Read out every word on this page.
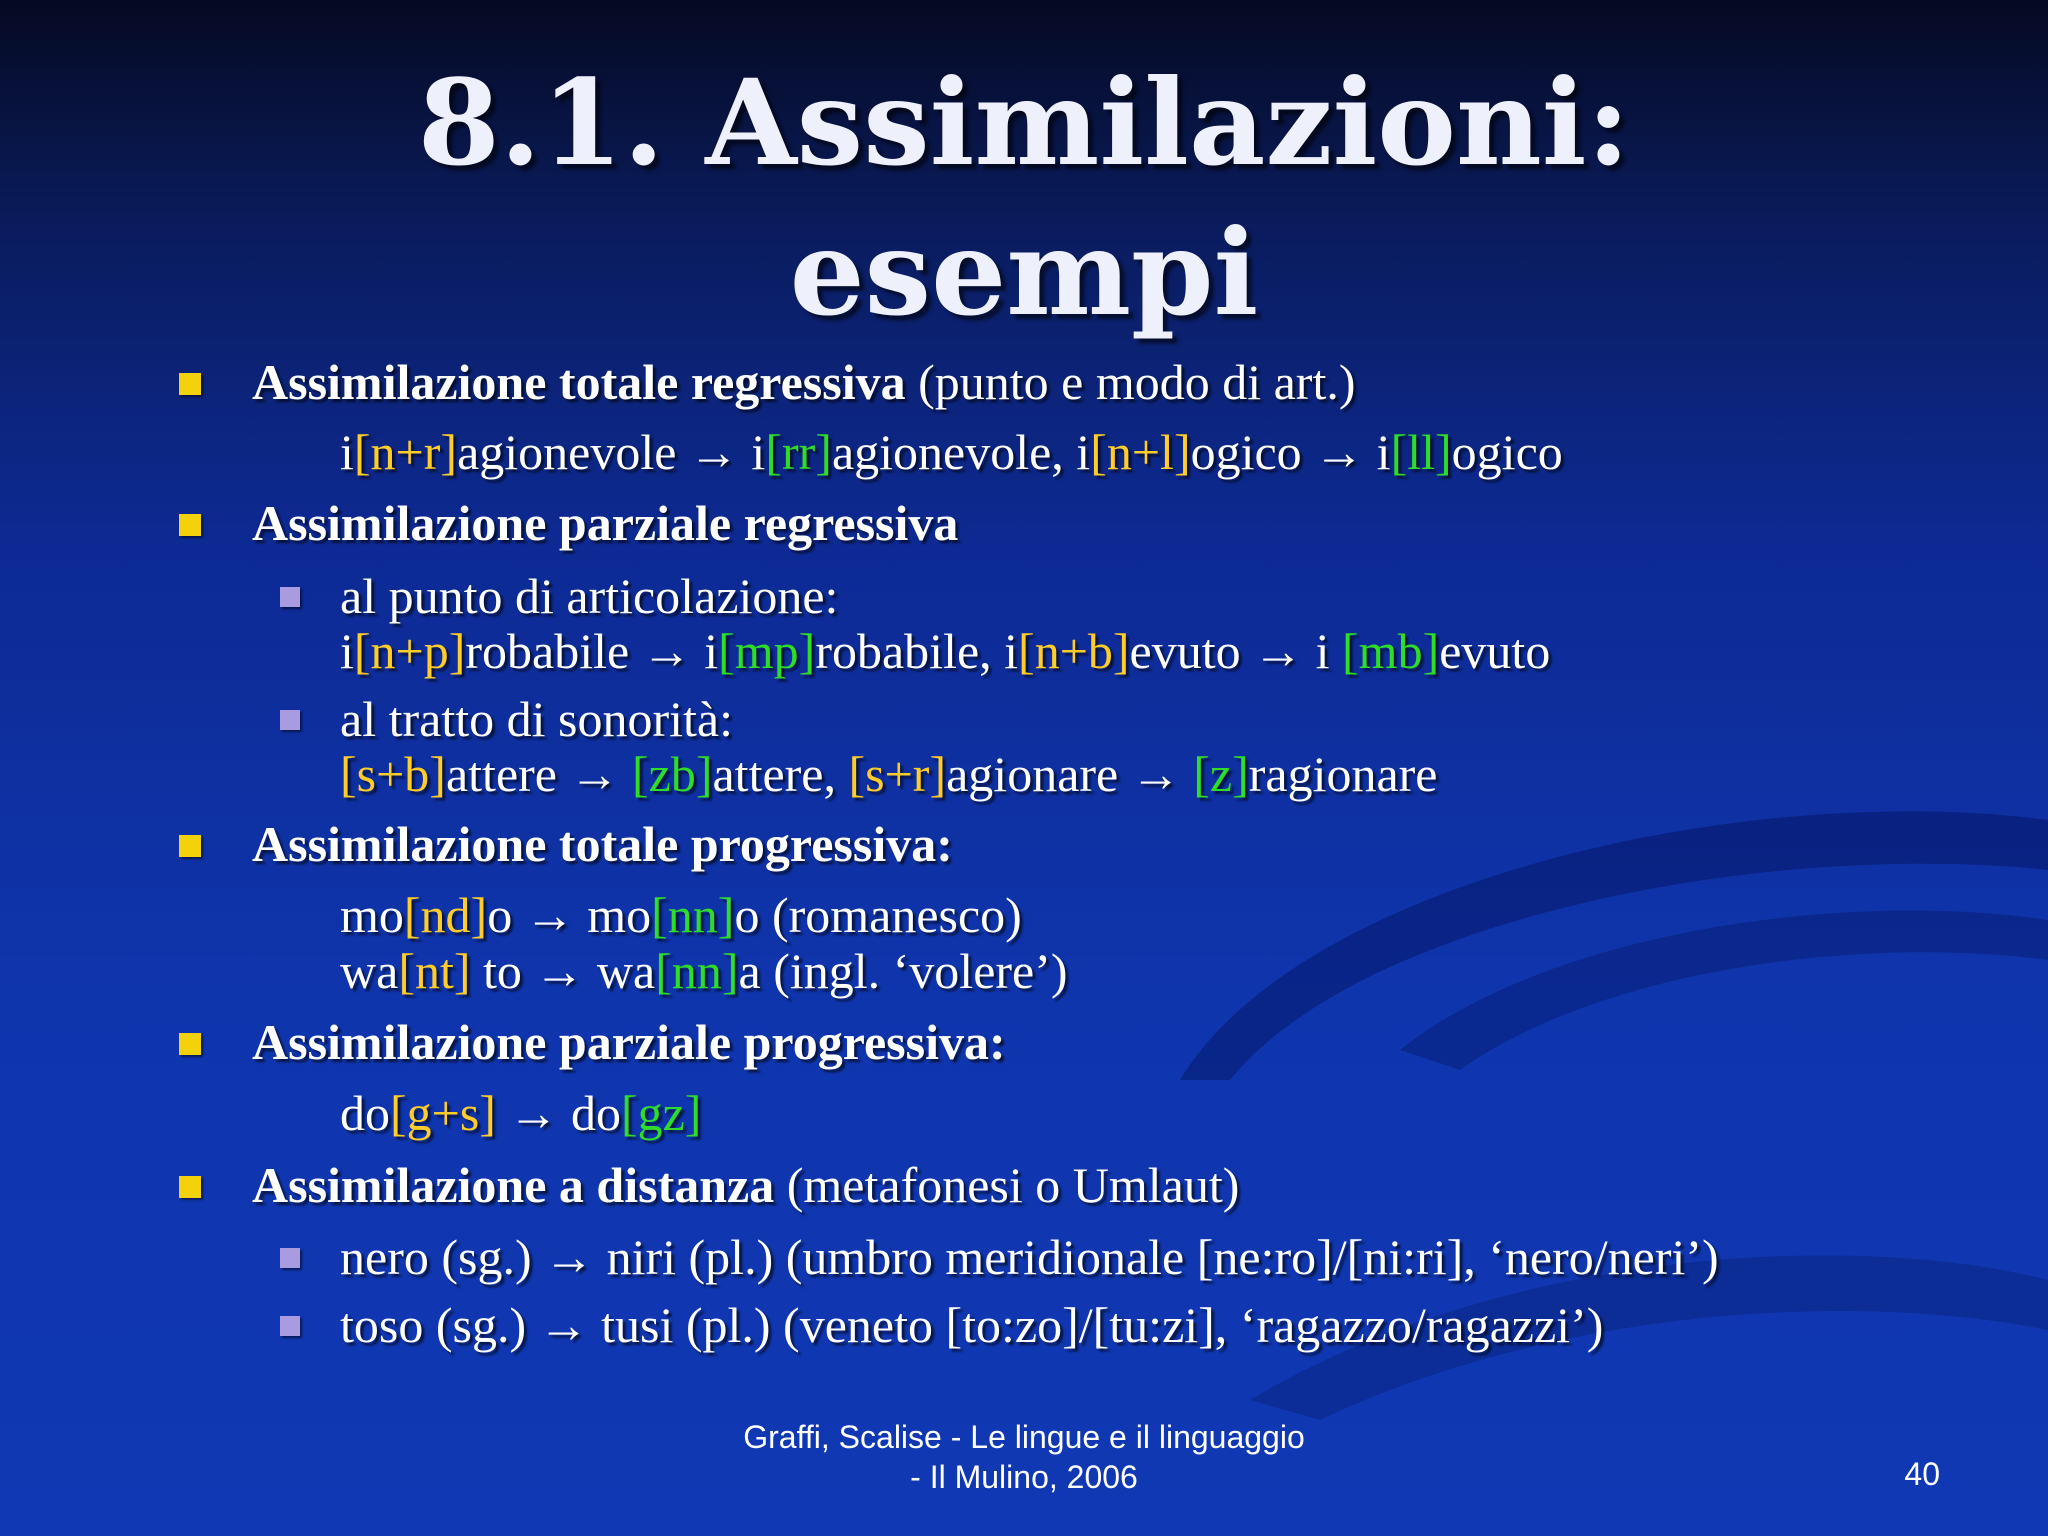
8.1. Assimilazioni:
esempi
Assimilazione totale regressiva (punto e modo di art.)
i[n+r]agionevole → i[rr]agionevole, i[n+l]ogico → i[ll]ogico
Assimilazione parziale regressiva
al punto di articolazione:
i[n+p]robabile → i[mp]robabile, i[n+b]evuto → i [mb]evuto
al tratto di sonorità:
[s+b]attere → [zb]attere, [s+r]agionare → [z]ragionare
Assimilazione totale progressiva:
mo[nd]o → mo[nn]o (romanesco)
wa[nt] to → wa[nn]a (ingl. ‘volere’)
Assimilazione parziale progressiva:
do[g+s] → do[gz]
Assimilazione a distanza (metafonesi o Umlaut)
nero (sg.) → niri (pl.) (umbro meridionale [ne:ro]/[ni:ri], ‘nero/neri’)
toso (sg.) → tusi (pl.) (veneto [to:zo]/[tu:zi], ‘ragazzo/ragazzi’)
Graffi, Scalise - Le lingue e il linguaggio
- Il Mulino, 2006	40
